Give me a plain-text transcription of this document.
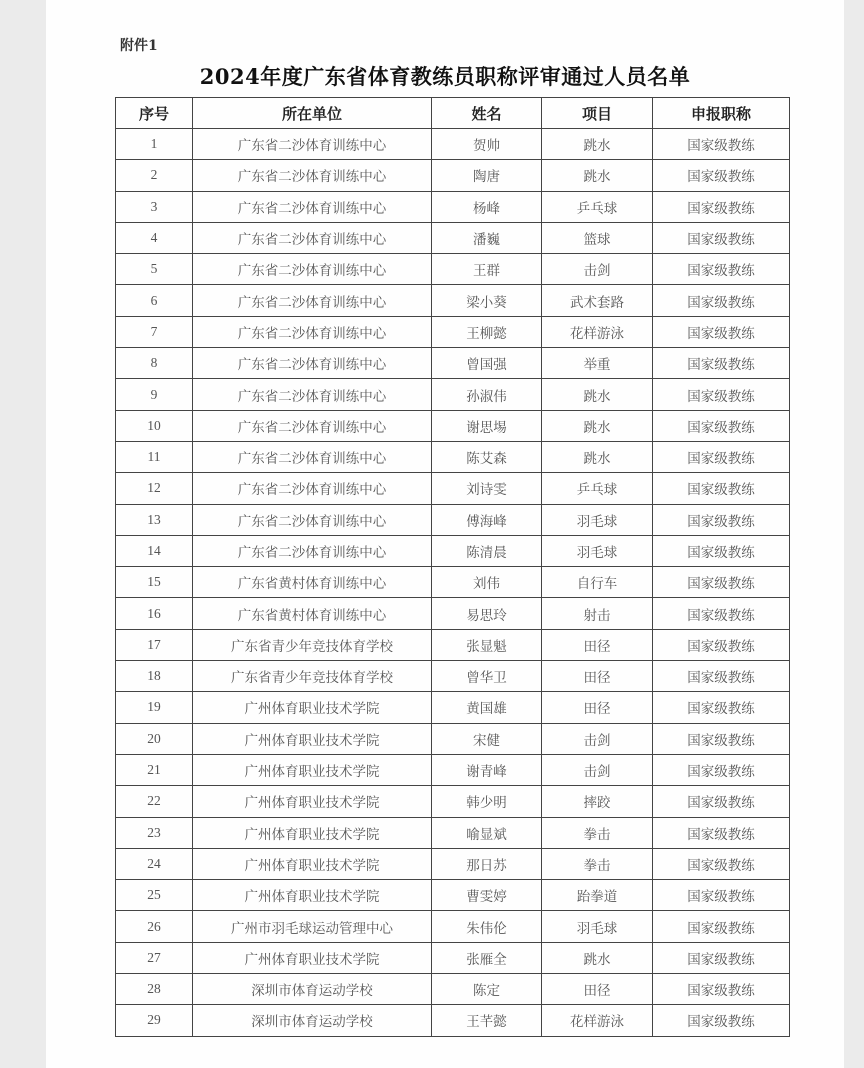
附件1
2024年度广东省体育教练员职称评审通过人员名单
序号	所在单位	姓名	项目	申报职称
1	广东省二沙体育训练中心	贺帅	跳水	国家级教练
2	广东省二沙体育训练中心	陶唐	跳水	国家级教练
3	广东省二沙体育训练中心	杨峰	乒乓球	国家级教练
4	广东省二沙体育训练中心	潘巍	篮球	国家级教练
5	广东省二沙体育训练中心	王群	击剑	国家级教练
6	广东省二沙体育训练中心	梁小葵	武术套路	国家级教练
7	广东省二沙体育训练中心	王柳懿	花样游泳	国家级教练
8	广东省二沙体育训练中心	曾国强	举重	国家级教练
9	广东省二沙体育训练中心	孙淑伟	跳水	国家级教练
10	广东省二沙体育训练中心	谢思埸	跳水	国家级教练
11	广东省二沙体育训练中心	陈艾森	跳水	国家级教练
12	广东省二沙体育训练中心	刘诗雯	乒乓球	国家级教练
13	广东省二沙体育训练中心	傅海峰	羽毛球	国家级教练
14	广东省二沙体育训练中心	陈清晨	羽毛球	国家级教练
15	广东省黄村体育训练中心	刘伟	自行车	国家级教练
16	广东省黄村体育训练中心	易思玲	射击	国家级教练
17	广东省青少年竞技体育学校	张显魁	田径	国家级教练
18	广东省青少年竞技体育学校	曾华卫	田径	国家级教练
19	广州体育职业技术学院	黄国雄	田径	国家级教练
20	广州体育职业技术学院	宋健	击剑	国家级教练
21	广州体育职业技术学院	谢青峰	击剑	国家级教练
22	广州体育职业技术学院	韩少明	摔跤	国家级教练
23	广州体育职业技术学院	喻显斌	拳击	国家级教练
24	广州体育职业技术学院	那日苏	拳击	国家级教练
25	广州体育职业技术学院	曹雯婷	跆拳道	国家级教练
26	广州市羽毛球运动管理中心	朱伟伦	羽毛球	国家级教练
27	广州体育职业技术学院	张雁全	跳水	国家级教练
28	深圳市体育运动学校	陈定	田径	国家级教练
29	深圳市体育运动学校	王芊懿	花样游泳	国家级教练
